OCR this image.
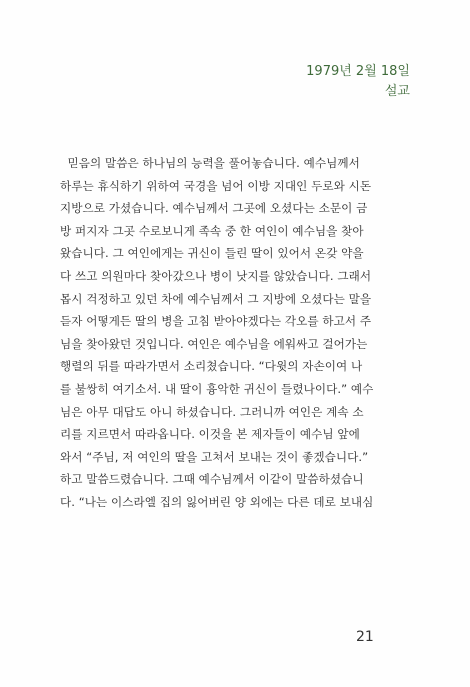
1979년 2월 18일
설교
믿음의 말씀은 하나님의 능력을 풀어놓습니다. 예수님께서
하루는 휴식하기 위하여 국경을 넘어 이방 지대인 두로와 시돈
지방으로 가셨습니다. 예수님께서 그곳에 오셨다는 소문이 금
방 퍼지자 그곳 수로보니게 족속 중 한 여인이 예수님을 찾아
왔습니다. 그 여인에게는 귀신이 들린 딸이 있어서 온갖 약을
다 쓰고 의원마다 찾아갔으나 병이 낫지를 않았습니다. 그래서
몹시 걱정하고 있던 차에 예수님께서 그 지방에 오셨다는 말을
듣자 어떻게든 딸의 병을 고침 받아야겠다는 각오를 하고서 주
님을 찾아왔던 것입니다. 여인은 예수님을 에워싸고 걸어가는
행렬의 뒤를 따라가면서 소리쳤습니다. “다윗의 자손이여 나
를 불쌍히 여기소서. 내 딸이 흉악한 귀신이 들렸나이다.” 예수
님은 아무 대답도 아니 하셨습니다. 그러니까 여인은 계속 소
리를 지르면서 따라옵니다. 이것을 본 제자들이 예수님 앞에
와서 “주님, 저 여인의 딸을 고쳐서 보내는 것이 좋겠습니다.”
하고 말씀드렸습니다. 그때 예수님께서 이같이 말씀하셨습니
다. “나는 이스라엘 집의 잃어버린 양 외에는 다른 데로 보내심
21
